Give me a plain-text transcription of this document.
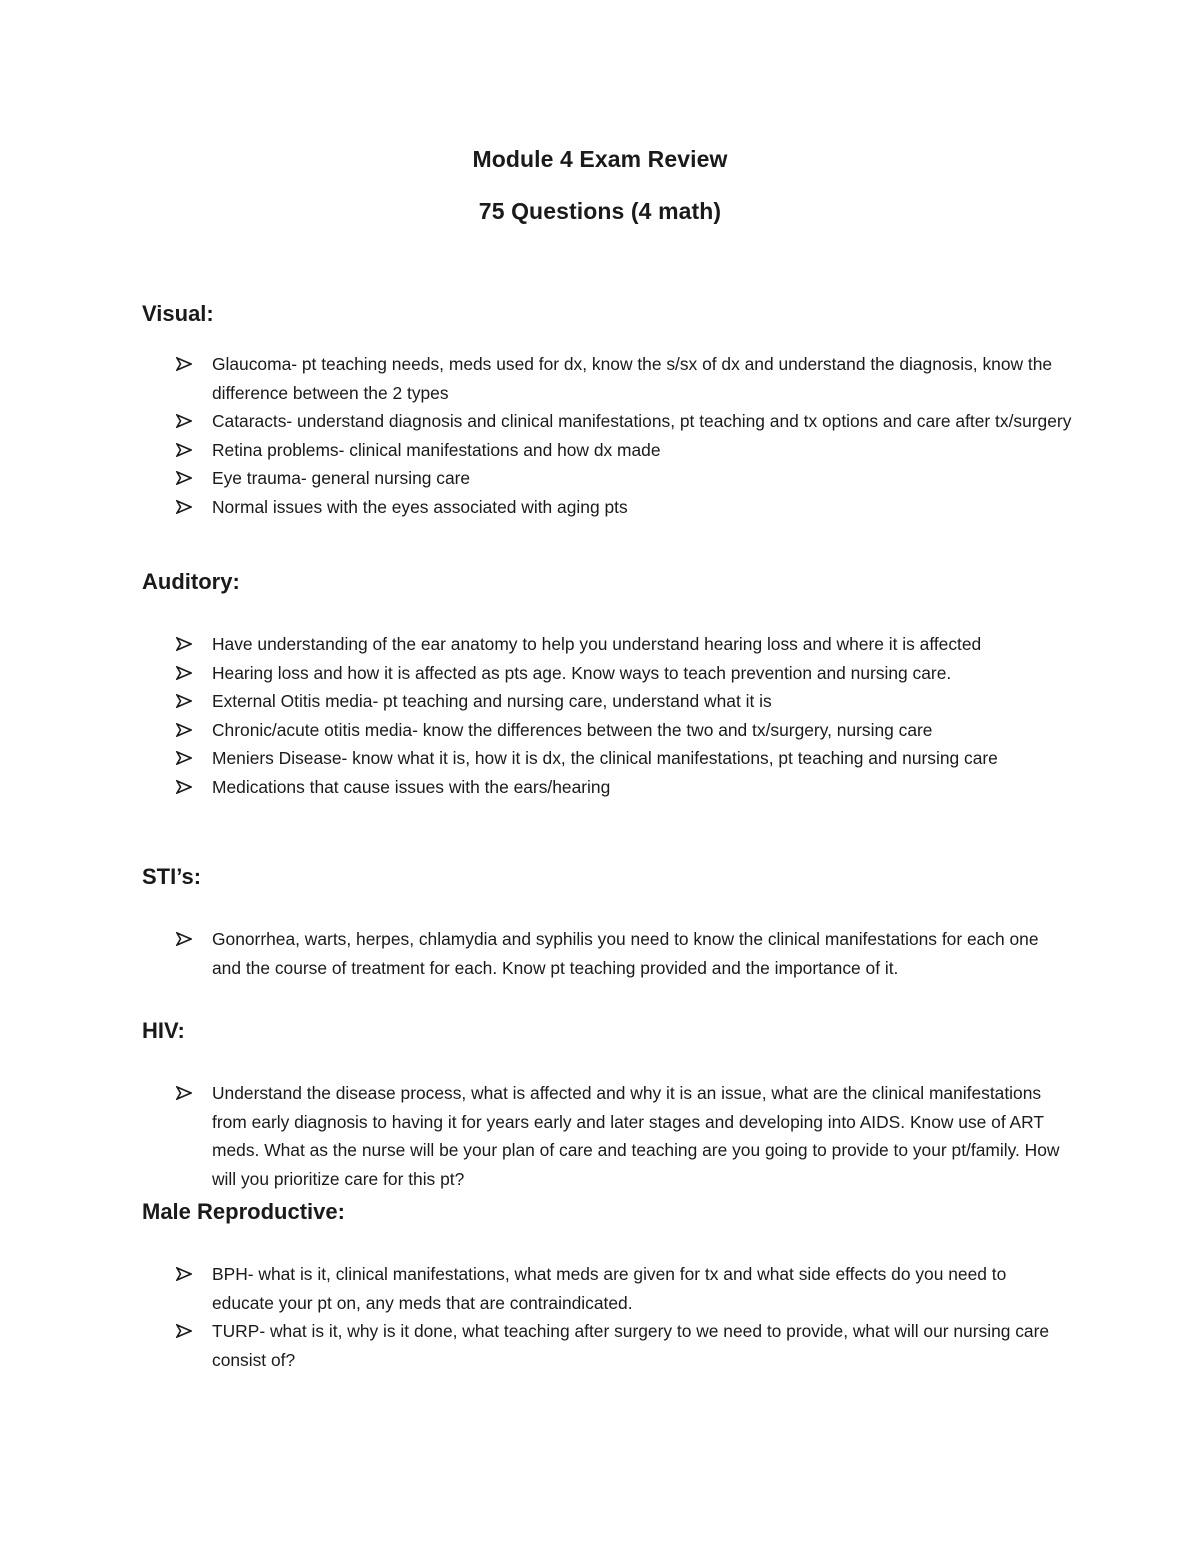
Module 4 Exam Review
75 Questions (4 math)
Visual:
Glaucoma- pt teaching needs, meds used for dx, know the s/sx of dx and understand the diagnosis, know the difference between the 2 types
Cataracts- understand diagnosis and clinical manifestations, pt teaching and tx options and care after tx/surgery
Retina problems- clinical manifestations and how dx made
Eye trauma- general nursing care
Normal issues with the eyes associated with aging pts
Auditory:
Have understanding of the ear anatomy to help you understand hearing loss and where it is affected
Hearing loss and how it is affected as pts age. Know ways to teach prevention and nursing care.
External Otitis media- pt teaching and nursing care, understand what it is
Chronic/acute otitis media- know the differences between the two and tx/surgery, nursing care
Meniers Disease- know what it is, how it is dx, the clinical manifestations, pt teaching and nursing care
Medications that cause issues with the ears/hearing
STI’s:
Gonorrhea, warts, herpes, chlamydia and syphilis you need to know the clinical manifestations for each one and the course of treatment for each. Know pt teaching provided and the importance of it.
HIV:
Understand the disease process, what is affected and why it is an issue, what are the clinical manifestations from early diagnosis to having it for years early and later stages and developing into AIDS. Know use of ART meds. What as the nurse will be your plan of care and teaching are you going to provide to your pt/family. How will you prioritize care for this pt?
Male Reproductive:
BPH- what is it, clinical manifestations, what meds are given for tx and what side effects do you need to educate your pt on, any meds that are contraindicated.
TURP- what is it, why is it done, what teaching after surgery to we need to provide, what will our nursing care consist of?
